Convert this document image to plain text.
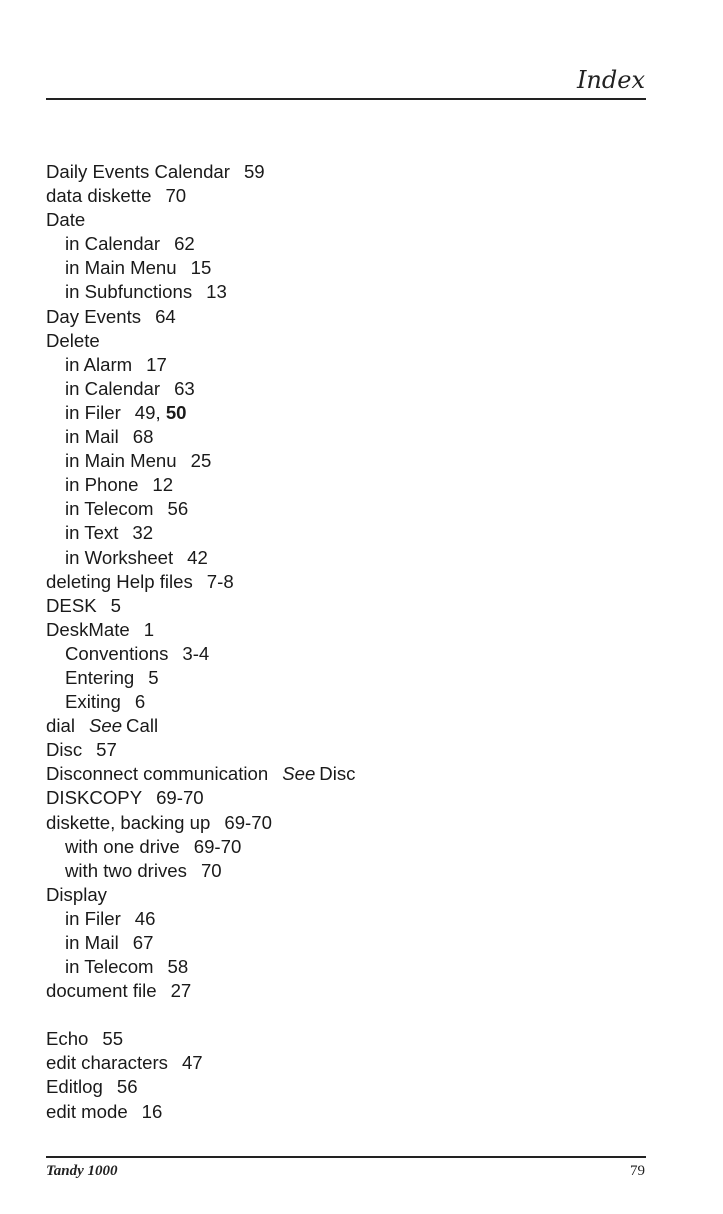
Index
Daily Events Calendar 59
data diskette 70
Date
in Calendar 62
in Main Menu 15
in Subfunctions 13
Day Events 64
Delete
in Alarm 17
in Calendar 63
in Filer 49, 50
in Mail 68
in Main Menu 25
in Phone 12
in Telecom 56
in Text 32
in Worksheet 42
deleting Help files 7-8
DESK 5
DeskMate 1
Conventions 3-4
Entering 5
Exiting 6
dial See Call
Disc 57
Disconnect communication See Disc
DISKCOPY 69-70
diskette, backing up 69-70
with one drive 69-70
with two drives 70
Display
in Filer 46
in Mail 67
in Telecom 58
document file 27
Echo 55
edit characters 47
Editlog 56
edit mode 16
Tandy 1000	79
